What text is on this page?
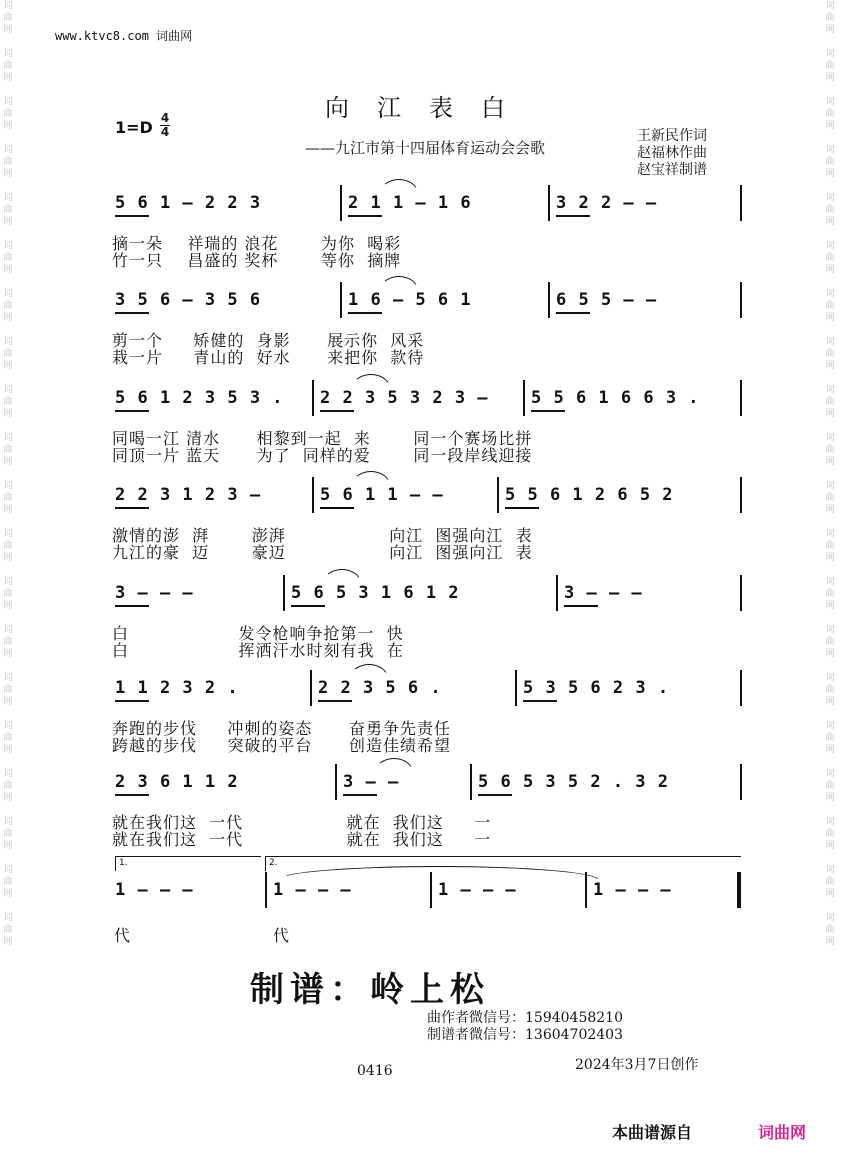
词
曲
网

词
曲
网

词
曲
网

词
曲
网

词
曲
网

词
曲
网

词
曲
网

词
曲
网

词
曲
网

词
曲
网

词
曲
网

词
曲
网

词
曲
网

词
曲
网

词
曲
网

词
曲
网

词
曲
网

词
曲
网

词
曲
网

词
曲
网

词
曲
网

词
曲
网

词
曲
网

词
曲
网

词
曲
网

词
曲
网

词
曲
网

词
曲
网

词
曲
网

词
曲
网

词
曲
网

词
曲
网

词
曲
网

词
曲
网

词
曲
网

词
曲
网

词
曲
网

词
曲
网

词
曲
网

词
曲
网

www.ktvc8.com 词曲网
向江表白
——九江市第十四届体育运动会会歌
1=D 4
4	王新民作词
赵福林作曲
赵宝祥制谱
5 6 1 – 2 2 3	2 1 1 – 1 6	3 2 2 – –
摘一朵    祥瑞的 浪花       为你  喝彩
竹一只    昌盛的 奖杯       等你  摘牌
3 5 6 – 3 5 6	1 6 – 5 6 1	6 5 5 – –
剪一个     矫健的  身影      展示你  风采
栽一片     青山的  好水      来把你  款待
5 6 1 2 3 5 3 . 2 2 3 5 3 2 3 – 5 5 6 1 6 6 3 .
同喝一江 清水      相黎到一起  来       同一个赛场比拼
同顶一片 蓝天      为了  同样的爱       同一段岸线迎接
2 2 3 1 2 3 –	5 6 1 1 – –	5 5 6 1 2 6 5 2
激情的澎  湃       澎湃                 向江  图强向江  表
九江的豪  迈       豪迈                 向江  图强向江  表
3 – – –	5 6 5 3 1 6 1 2	3 – – –
白                  发令枪响争抢第一  快
白                  挥洒汗水时刻有我  在
1 1 2 3 2 .	2 2 3 5 6 .	5 3 5 6 2 3 .
奔跑的步伐     冲刺的姿态      奋勇争先责任
跨越的步伐     突破的平台      创造佳绩希望
2 3 6 1 1 2	3 – –	5 6 5 3 5 2 . 3 2
就在我们这  一代                 就在  我们这     一
就在我们这  一代                 就在  我们这     一
1 – – –	1 – – –	1 – – –	1 – – –
代	代
1.	2.
制谱：岭上松
曲作者微信号：15940458210
制谱者微信号：13604702403
0416	2024年3月7日创作
本曲谱源自	词曲网
